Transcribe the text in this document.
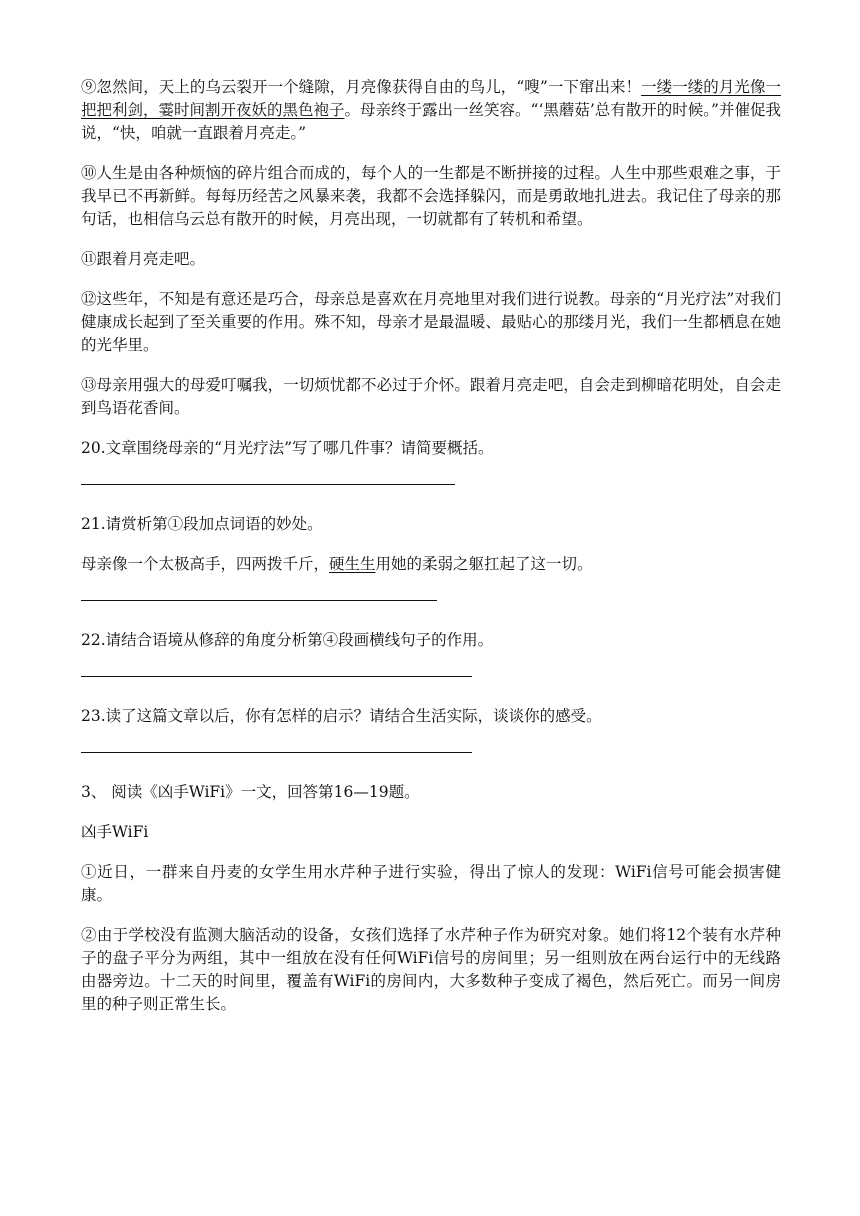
⑨忽然间，天上的乌云裂开一个缝隙，月亮像获得自由的鸟儿，“嗖”一下窜出来！一缕一缕的月光像一把把利剑，霎时间割开夜妖的黑色袍子。母亲终于露出一丝笑容。“‘黑蘑菇’总有散开的时候。”并催促我说，“快，咱就一直跟着月亮走。”

⑩人生是由各种烦恼的碎片组合而成的，每个人的一生都是不断拼接的过程。人生中那些艰难之事，于我早已不再新鲜。每每历经苦之风暴来袭，我都不会选择躲闪，而是勇敢地扎进去。我记住了母亲的那句话，也相信乌云总有散开的时候，月亮出现，一切就都有了转机和希望。

⑪跟着月亮走吧。

⑫这些年，不知是有意还是巧合，母亲总是喜欢在月亮地里对我们进行说教。母亲的“月光疗法”对我们健康成长起到了至关重要的作用。殊不知，母亲才是最温暖、最贴心的那缕月光，我们一生都栖息在她的光华里。

⑬母亲用强大的母爱叮嘱我，一切烦忧都不必过于介怀。跟着月亮走吧，自会走到柳暗花明处，自会走到鸟语花香间。

20.文章围绕母亲的“月光疗法”写了哪几件事？请简要概括。

21.请赏析第①段加点词语的妙处。

母亲像一个太极高手，四两拨千斤，硬生生用她的柔弱之躯扛起了这一切。

22.请结合语境从修辞的角度分析第④段画横线句子的作用。

23.读了这篇文章以后，你有怎样的启示？请结合生活实际，谈谈你的感受。

3、 阅读《凶手WiFi》一文，回答第16—19题。

凶手WiFi

①近日，一群来自丹麦的女学生用水芹种子进行实验，得出了惊人的发现：WiFi信号可能会损害健康。

②由于学校没有监测大脑活动的设备，女孩们选择了水芹种子作为研究对象。她们将12个装有水芹种子的盘子平分为两组，其中一组放在没有任何WiFi信号的房间里；另一组则放在两台运行中的无线路由器旁边。十二天的时间里，覆盖有WiFi的房间内，大多数种子变成了褐色，然后死亡。而另一间房里的种子则正常生长。
